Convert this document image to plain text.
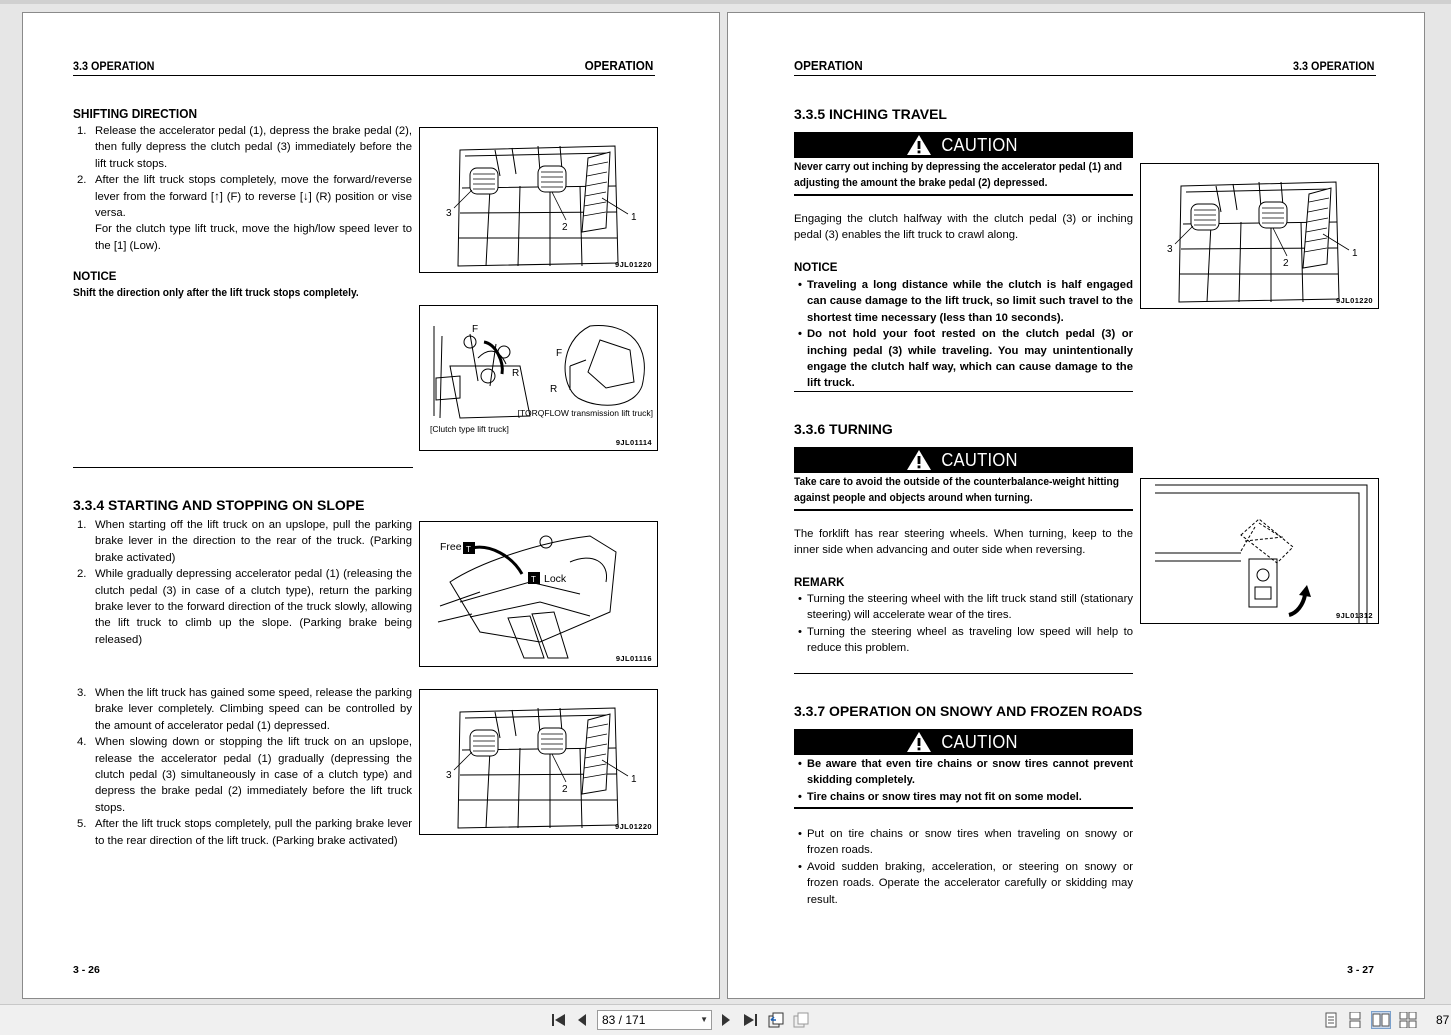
3.3 OPERATION	OPERATION
SHIFTING DIRECTION
1. Release the accelerator pedal (1), depress the brake pedal (2), then fully depress the clutch pedal (3) immediately before the lift truck stops.
2. After the lift truck stops completely, move the forward/reverse lever from the forward [↑] (F) to reverse [↓] (R) position or vise versa.
For the clutch type lift truck, move the high/low speed lever to the [1] (Low).
NOTICE
Shift the direction only after the lift truck stops completely.
3
2
1
9JL01220
F
R
F
R
[Clutch type lift truck]
[TORQFLOW transmission lift truck]
9JL01114
3.3.4 STARTING AND STOPPING ON SLOPE
1. When starting off the lift truck on an upslope, pull the parking brake lever in the direction to the rear of the truck. (Parking brake activated)
2. While gradually depressing accelerator pedal (1) (releasing the clutch pedal (3) in case of a clutch type), return the parking brake lever to the forward direction of the truck slowly, allowing the lift truck to climb up the slope. (Parking brake being released)
T
T
Free
Lock
9JL01116
3. When the lift truck has gained some speed, release the parking brake lever completely. Climbing speed can be controlled by the amount of accelerator pedal (1) depressed.
4. When slowing down or stopping the lift truck on an upslope, release the accelerator pedal (1) gradually (depressing the clutch pedal (3) simultaneously in case of a clutch type) and depress the brake pedal (2) immediately before the lift truck stops.
5. After the lift truck stops completely, pull the parking brake lever to the rear direction of the lift truck. (Parking brake activated)
3
2
1
9JL01220
3 - 26
OPERATION	3.3 OPERATION
3.3.5 INCHING TRAVEL
CAUTION
Never carry out inching by depressing the accelerator pedal (1) and adjusting the amount the brake pedal (2) depressed.
Engaging the clutch halfway with the clutch pedal (3) or inching pedal (3) enables the lift truck to crawl along.
NOTICE
• Traveling a long distance while the clutch is half engaged can cause damage to the lift truck, so limit such travel to the shortest time necessary (less than 10 seconds).
• Do not hold your foot rested on the clutch pedal (3) or inching pedal (3) while traveling. You may unintentionally engage the clutch half way, which can cause damage to the lift truck.
3
2
1
9JL01220
3.3.6 TURNING
CAUTION
Take care to avoid the outside of the counterbalance-weight hitting against people and objects around when turning.
The forklift has rear steering wheels. When turning, keep to the inner side when advancing and outer side when reversing.
REMARK
• Turning the steering wheel with the lift truck stand still (stationary steering) will accelerate wear of the tires.
• Turning the steering wheel as traveling low speed will help to reduce this problem.
9JL01312
3.3.7 OPERATION ON SNOWY AND FROZEN ROADS
CAUTION
• Be aware that even tire chains or snow tires cannot prevent skidding completely.
• Tire chains or snow tires may not fit on some model.
• Put on tire chains or snow tires when traveling on snowy or frozen roads.
• Avoid sudden braking, acceleration, or steering on snowy or frozen roads. Operate the accelerator carefully or skidding may result.
3 - 27
83 / 171	▼	87
